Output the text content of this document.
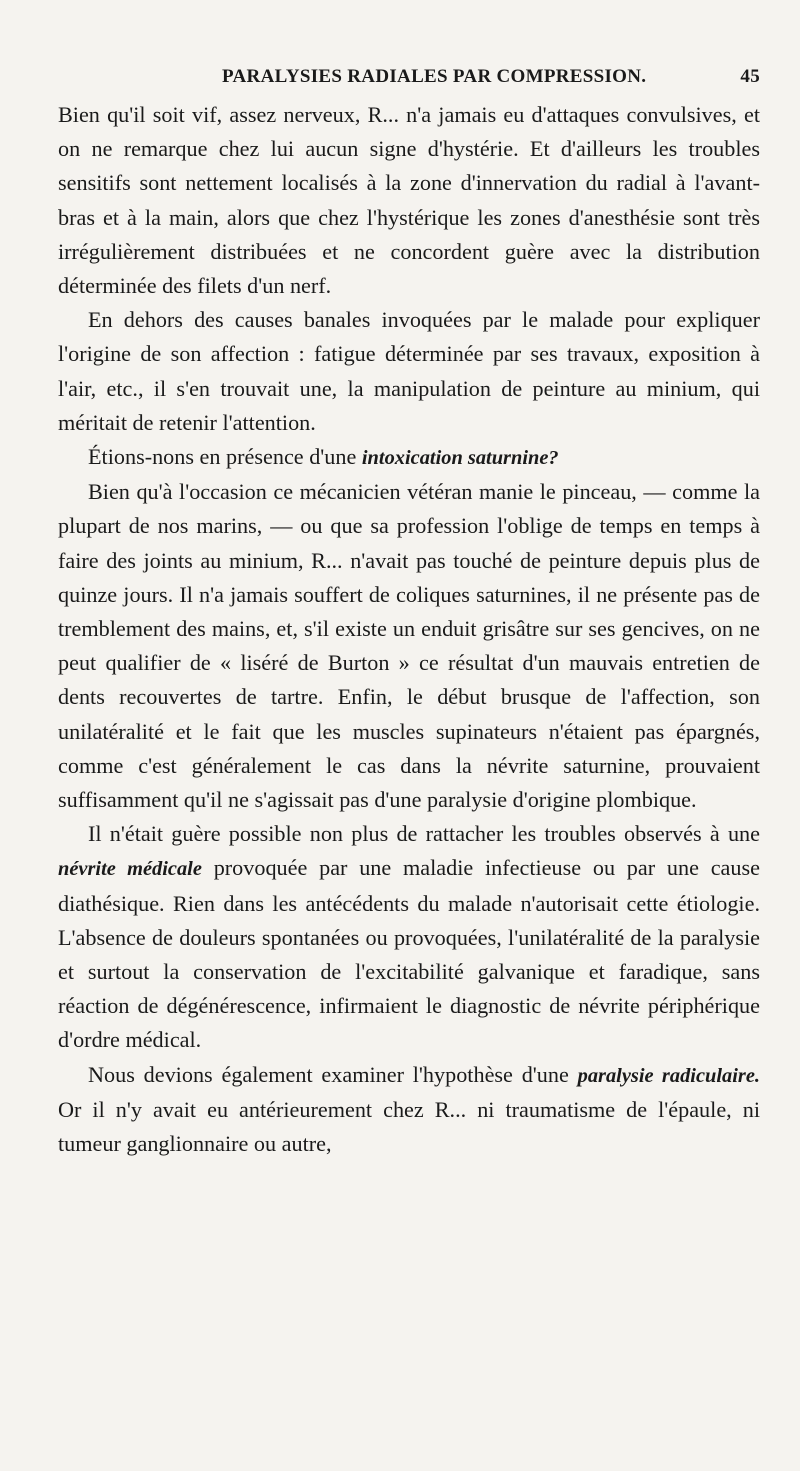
PARALYSIES RADIALES PAR COMPRESSION.	45

Bien qu'il soit vif, assez nerveux, R... n'a jamais eu d'attaques convulsives, et on ne remarque chez lui aucun signe d'hystérie. Et d'ailleurs les troubles sensitifs sont nettement localisés à la zone d'innervation du radial à l'avant-bras et à la main, alors que chez l'hystérique les zones d'anesthésie sont très irrégulièrement distribuées et ne concordent guère avec la distribution déterminée des filets d'un nerf.

En dehors des causes banales invoquées par le malade pour expliquer l'origine de son affection : fatigue déterminée par ses travaux, exposition à l'air, etc., il s'en trouvait une, la manipulation de peinture au minium, qui méritait de retenir l'attention.

Étions-nons en présence d'une intoxication saturnine?

Bien qu'à l'occasion ce mécanicien vétéran manie le pinceau, — comme la plupart de nos marins, — ou que sa profession l'oblige de temps en temps à faire des joints au minium, R... n'avait pas touché de peinture depuis plus de quinze jours. Il n'a jamais souffert de coliques saturnines, il ne présente pas de tremblement des mains, et, s'il existe un enduit grisâtre sur ses gencives, on ne peut qualifier de « liséré de Burton » ce résultat d'un mauvais entretien de dents recouvertes de tartre. Enfin, le début brusque de l'affection, son unilatéralité et le fait que les muscles supinateurs n'étaient pas épargnés, comme c'est généralement le cas dans la névrite saturnine, prouvaient suffisamment qu'il ne s'agissait pas d'une paralysie d'origine plombique.

Il n'était guère possible non plus de rattacher les troubles observés à une névrite médicale provoquée par une maladie infectieuse ou par une cause diathésique. Rien dans les antécédents du malade n'autorisait cette étiologie. L'absence de douleurs spontanées ou provoquées, l'unilatéralité de la paralysie et surtout la conservation de l'excitabilité galvanique et faradique, sans réaction de dégénérescence, infirmaient le diagnostic de névrite périphérique d'ordre médical.

Nous devions également examiner l'hypothèse d'une paralysie radiculaire. Or il n'y avait eu antérieurement chez R... ni traumatisme de l'épaule, ni tumeur ganglionnaire ou autre,
